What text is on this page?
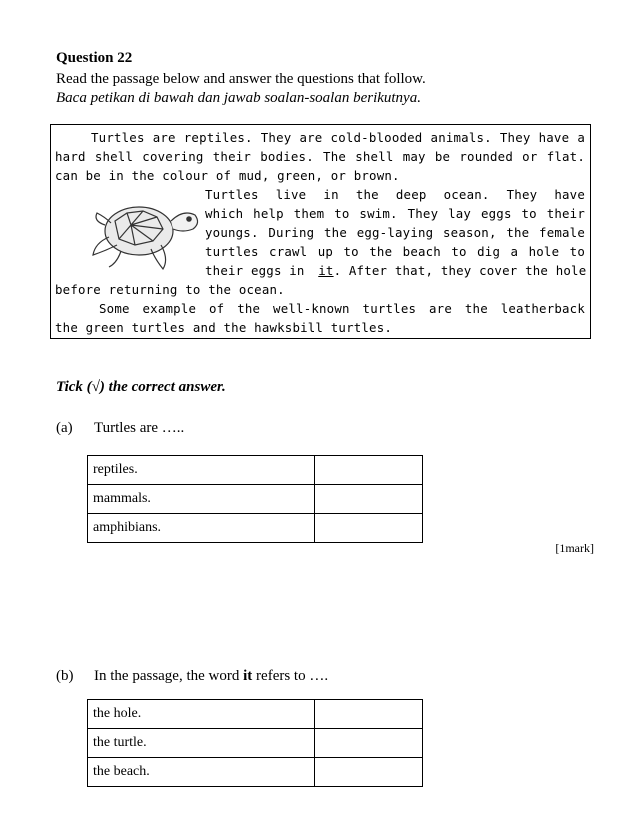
Question 22
Read the passage below and answer the questions that follow.
Baca petikan di bawah dan jawab soalan-soalan berikutnya.
Turtles are reptiles. They are cold-blooded animals. They have a
hard shell covering their bodies. The shell may be rounded or flat.
can be in the colour of mud, green, or brown.
Turtles live in the deep ocean. They have
which help them to swim. They lay eggs to their
youngs. During the egg-laying season, the female
turtles crawl up to the beach to dig a hole to
their eggs in it. After that, they cover the hole
before returning to the ocean.
Some example of the well-known turtles are the leatherback
the green turtles and the hawksbill turtles.
Tick (√) the correct answer.
(a) Turtles are …..
reptiles.	
mammals.	
amphibians.	
[1mark]
(b) In the passage, the word it refers to ….
the hole.	
the turtle.	
the beach.	
